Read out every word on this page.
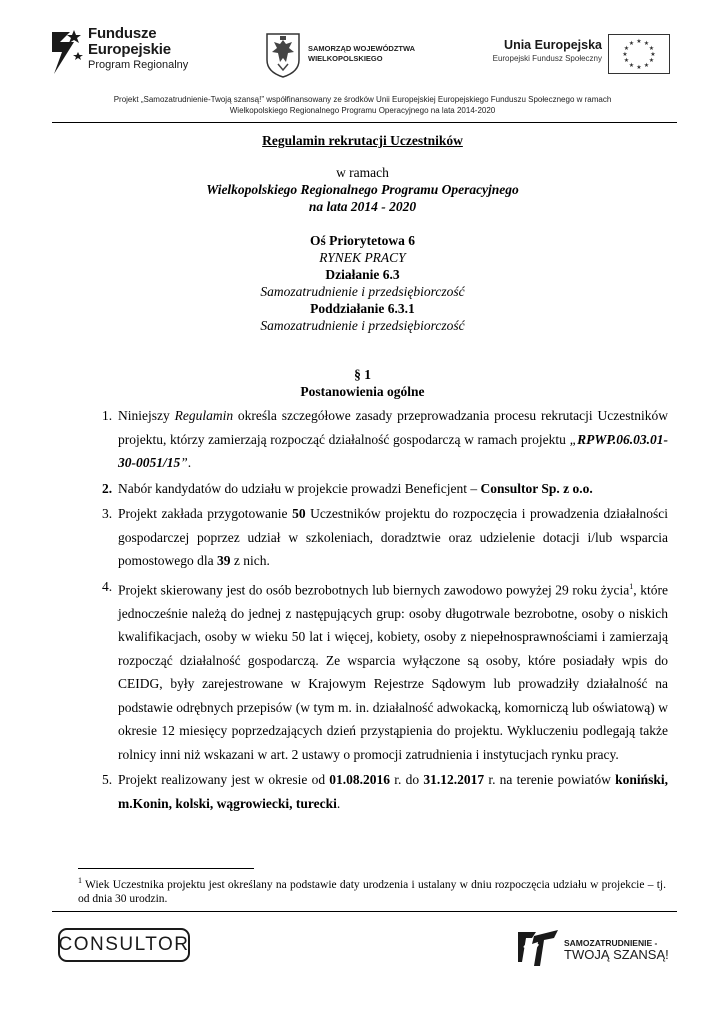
Fundusze
Europejskie
Program Regionalny
SAMORZĄD WOJEWÓDZTWA
WIELKOPOLSKIEGO
Unia Europejska
Europejski Fundusz Społeczny
★ ★
★
★
★
★
★
★
★
★
★
★
Projekt „Samozatrudnienie-Twoją szansą!” współfinansowany ze środków Unii Europejskiej Europejskiego Funduszu Społecznego w ramach
Wielkopolskiego Regionalnego Programu Operacyjnego na lata 2014-2020
Regulamin rekrutacji Uczestników
w ramach
Wielkopolskiego Regionalnego Programu Operacyjnego
na lata 2014 - 2020
Oś Priorytetowa 6
RYNEK PRACY
Działanie 6.3
Samozatrudnienie i przedsiębiorczość
Poddziałanie 6.3.1
Samozatrudnienie i przedsiębiorczość
§ 1
Postanowienia ogólne
1. Niniejszy Regulamin określa szczegółowe zasady przeprowadzania procesu rekrutacji Uczestników projektu, którzy zamierzają rozpocząć działalność gospodarczą w ramach projektu „RPWP.06.03.01-30-0051/15”.
2. Nabór kandydatów do udziału w projekcie prowadzi Beneficjent – Consultor Sp. z o.o.
3. Projekt zakłada przygotowanie 50 Uczestników projektu do rozpoczęcia i prowadzenia działalności gospodarczej poprzez udział w szkoleniach, doradztwie oraz udzielenie dotacji i/lub wsparcia pomostowego dla 39 z nich.
4. Projekt skierowany jest do osób bezrobotnych lub biernych zawodowo powyżej 29 roku życia$^1$, które jednocześnie należą do jednej z następujących grup: osoby długotrwale bezrobotne, osoby o niskich kwalifikacjach, osoby w wieku 50 lat i więcej, kobiety, osoby z niepełnosprawnościami i zamierzają rozpocząć działalność gospodarczą. Ze wsparcia wyłączone są osoby, które posiadały wpis do CEIDG, były zarejestrowane w Krajowym Rejestrze Sądowym lub prowadziły działalność na podstawie odrębnych przepisów (w tym m. in. działalność adwokacką, komorniczą lub oświatową) w okresie 12 miesięcy poprzedzających dzień przystąpienia do projektu. Wykluczeniu podlegają także rolnicy inni niż wskazani w art. 2 ustawy o promocji zatrudnienia i instytucjach rynku pracy.
5. Projekt realizowany jest w okresie od 01.08.2016 r. do 31.12.2017 r. na terenie powiatów koniński, m.Konin, kolski, wągrowiecki, turecki.
$^1$ Wiek Uczestnika projektu jest określany na podstawie daty urodzenia i ustalany w dniu rozpoczęcia udziału w projekcie – tj. od dnia 30 urodzin.
CONSULTOR	SAMOZATRUDNIENIE -
TWOJĄ SZANSĄ!
